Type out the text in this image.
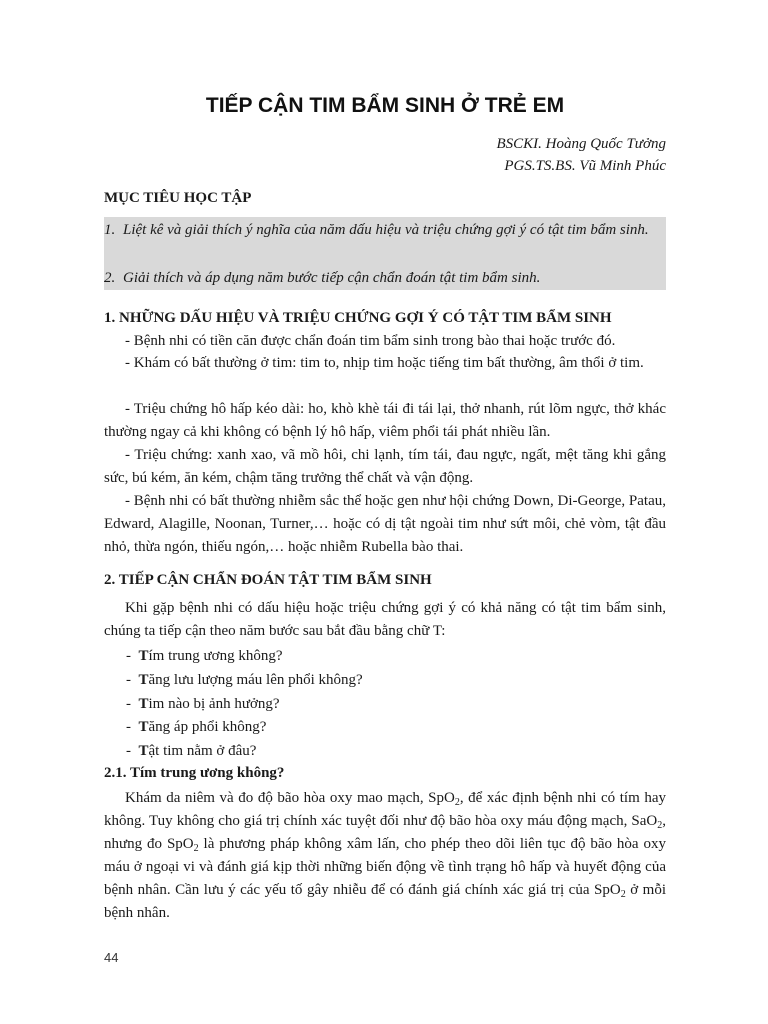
TIẾP CẬN TIM BẨM SINH Ở TRẺ EM
BSCKI. Hoàng Quốc Tưởng
PGS.TS.BS. Vũ Minh Phúc
MỤC TIÊU HỌC TẬP
1. Liệt kê và giải thích ý nghĩa của năm dấu hiệu và triệu chứng gợi ý có tật tim bẩm sinh.
2. Giải thích và áp dụng năm bước tiếp cận chẩn đoán tật tim bẩm sinh.
1. NHỮNG DẤU HIỆU VÀ TRIỆU CHỨNG GỢI Ý CÓ TẬT TIM BẨM SINH

- Bệnh nhi có tiền căn được chẩn đoán tim bẩm sinh trong bào thai hoặc trước đó.

- Khám có bất thường ở tim: tim to, nhịp tim hoặc tiếng tim bất thường, âm thổi ở tim.

- Triệu chứng hô hấp kéo dài: ho, khò khè tái đi tái lại, thở nhanh, rút lõm ngực, thở khác thường ngay cả khi không có bệnh lý hô hấp, viêm phổi tái phát nhiều lần.

- Triệu chứng: xanh xao, vã mồ hôi, chi lạnh, tím tái, đau ngực, ngất, mệt tăng khi gắng sức, bú kém, ăn kém, chậm tăng trưởng thể chất và vận động.

- Bệnh nhi có bất thường nhiễm sắc thể hoặc gen như hội chứng Down, Di-George, Patau, Edward, Alagille, Noonan, Turner,… hoặc có dị tật ngoài tim như sứt môi, chẻ vòm, tật đầu nhỏ, thừa ngón, thiếu ngón,… hoặc nhiễm Rubella bào thai.

2. TIẾP CẬN CHẨN ĐOÁN TẬT TIM BẨM SINH

Khi gặp bệnh nhi có dấu hiệu hoặc triệu chứng gợi ý có khả năng có tật tim bẩm sinh, chúng ta tiếp cận theo năm bước sau bắt đầu bằng chữ T:

- Tím trung ương không?
- Tăng lưu lượng máu lên phổi không?
- Tim nào bị ảnh hưởng?
- Tăng áp phổi không?
- Tật tim nằm ở đâu?
2.1. Tím trung ương không?

Khám da niêm và đo độ bão hòa oxy mao mạch, SpO$_2$, để xác định bệnh nhi có tím hay không. Tuy không cho giá trị chính xác tuyệt đối như độ bão hòa oxy máu động mạch, SaO$_2$, nhưng đo SpO$_2$ là phương pháp không xâm lấn, cho phép theo dõi liên tục độ bão hòa oxy máu ở ngoại vi và đánh giá kịp thời những biến động về tình trạng hô hấp và huyết động của bệnh nhân. Cần lưu ý các yếu tố gây nhiễu để có đánh giá chính xác giá trị của SpO$_2$ ở mỗi bệnh nhân.

44
